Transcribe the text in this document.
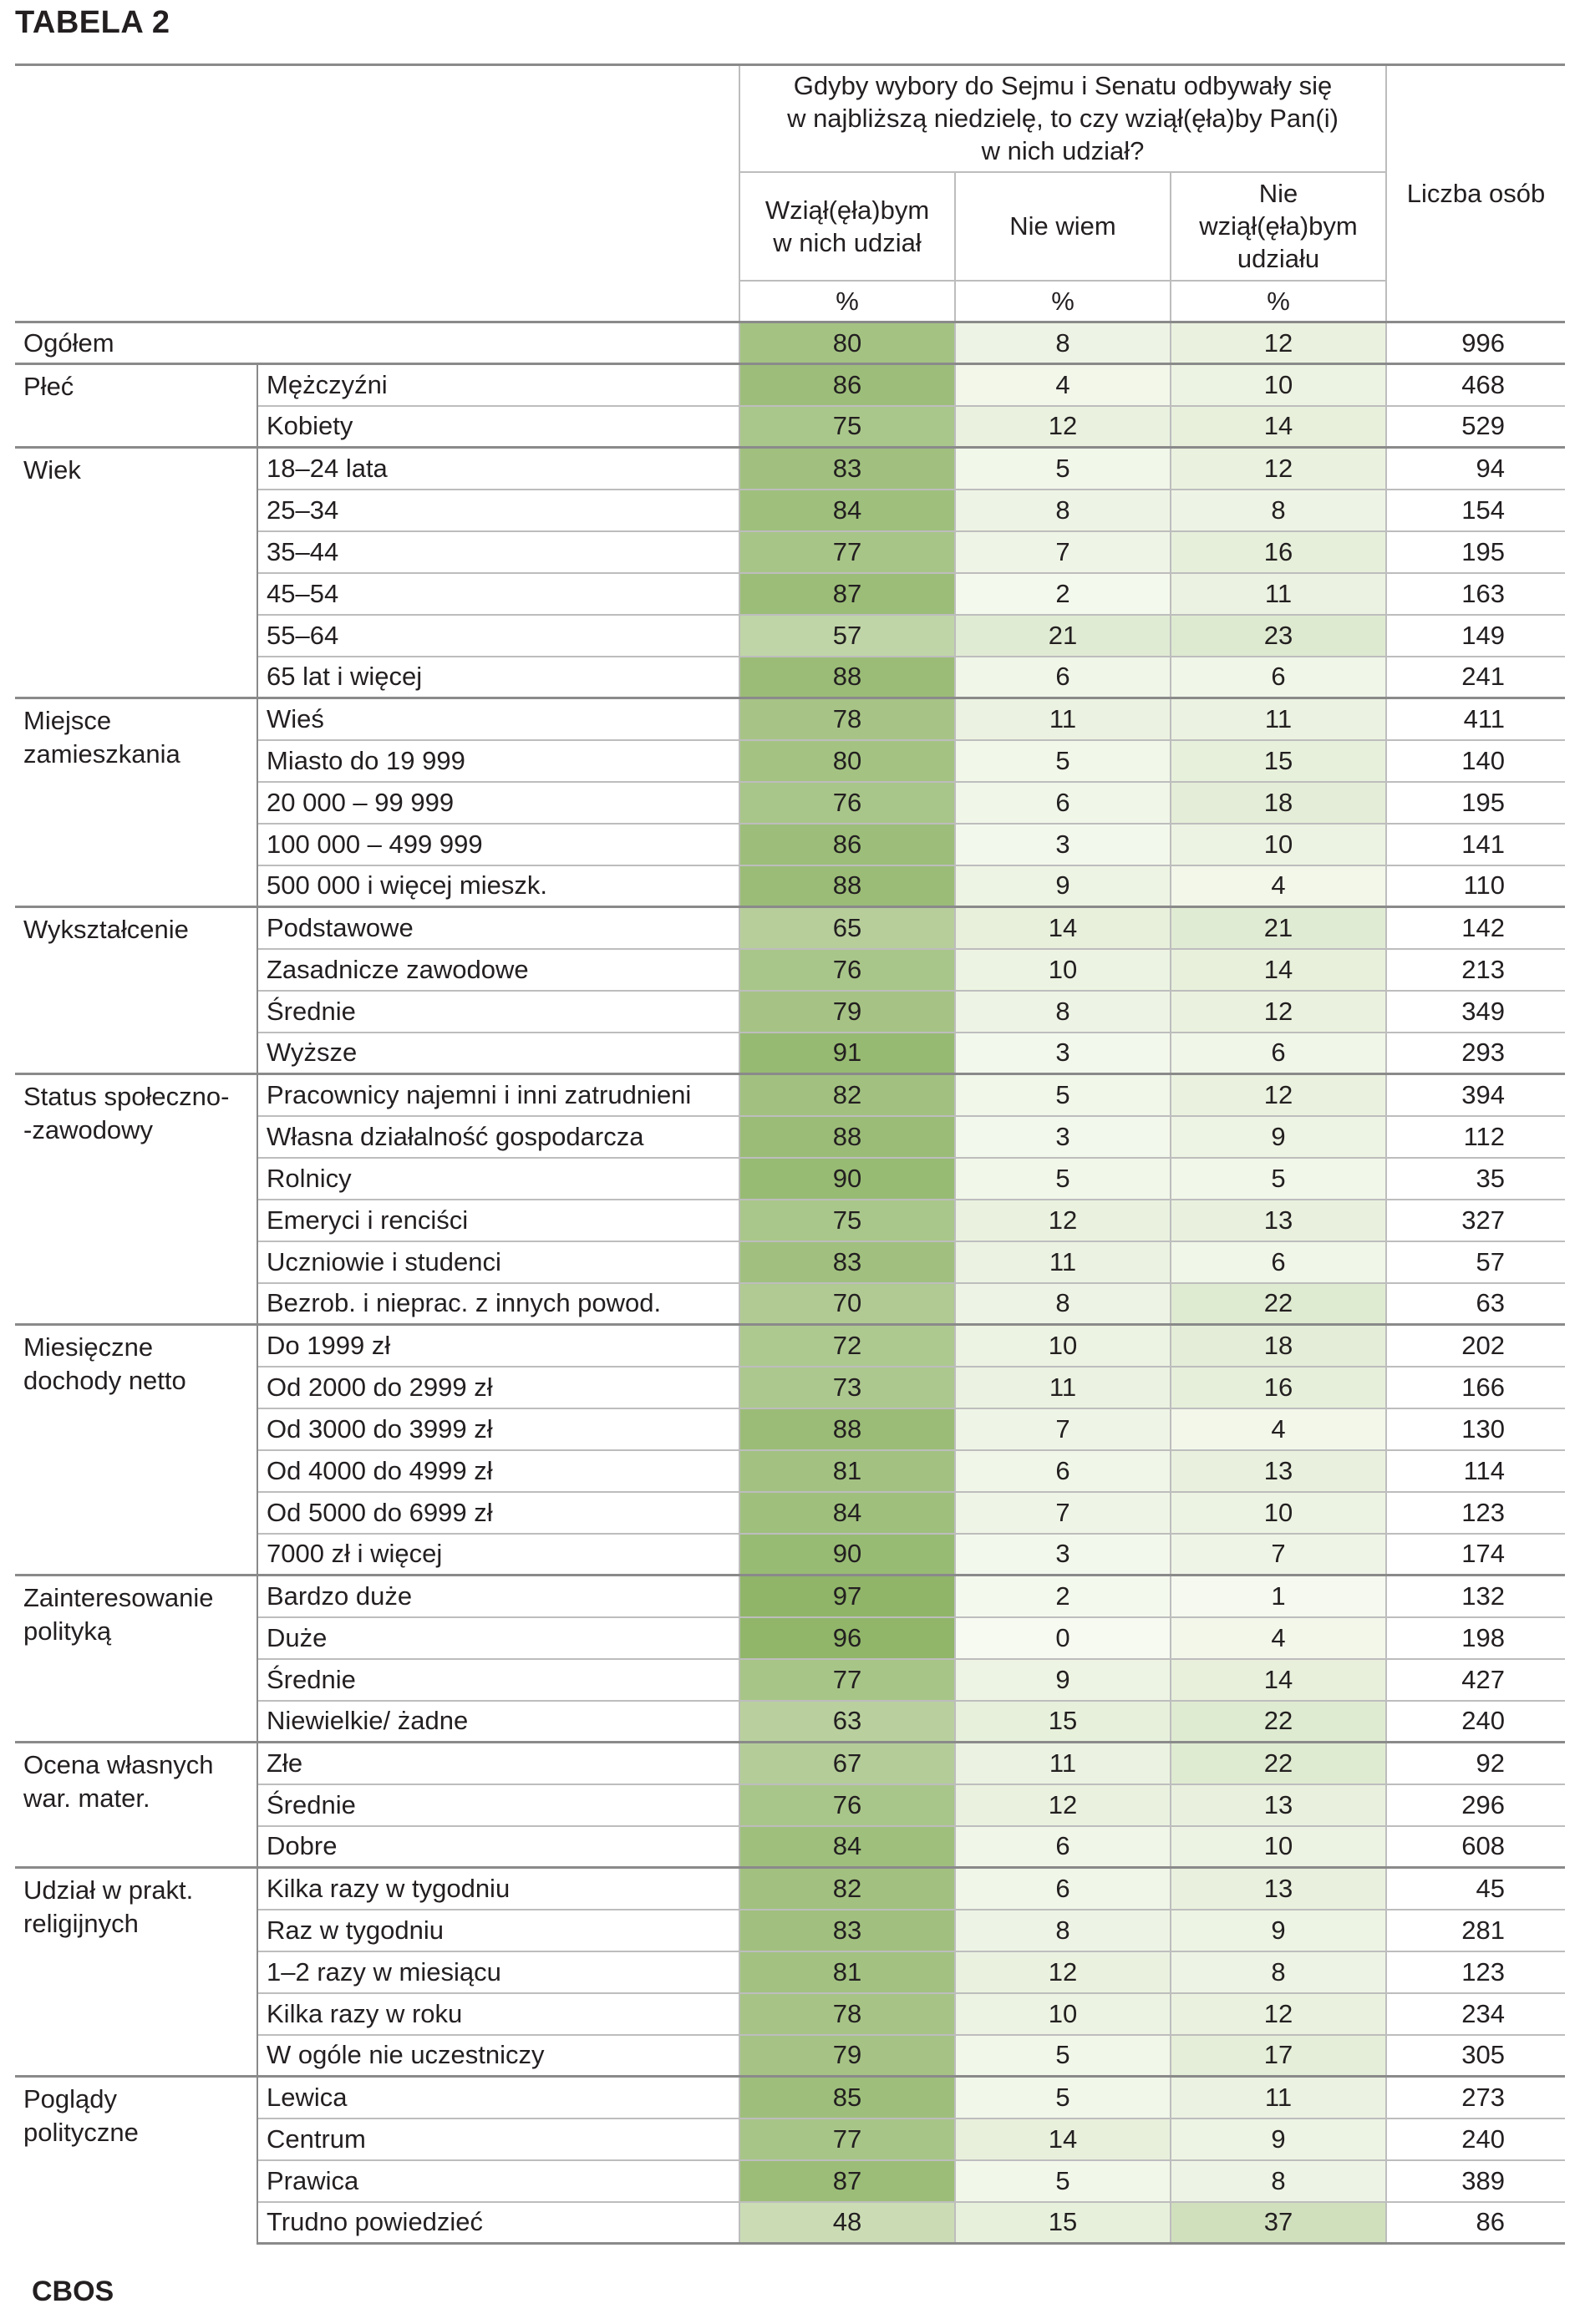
TABELA 2
		Gdyby wybory do Sejmu i Senatu odbywały się
w najbliższą niedzielę, to czy wziął(ęła)by Pan(i)
w nich udział?			Liczba osób
		Wziął(ęła)bym
w nich udział	Nie wiem	Nie
wziął(ęła)bym
udziału	
		%	%	%	
Ogółem		80	8	12	996
Płeć	Mężczyźni	86	4	10	468
	Kobiety	75	12	14	529
Wiek	18–24 lata	83	5	12	94
	25–34	84	8	8	154
	35–44	77	7	16	195
	45–54	87	2	11	163
	55–64	57	21	23	149
	65 lat i więcej	88	6	6	241
Miejsce
zamieszkania	Wieś	78	11	11	411
	Miasto do 19 999	80	5	15	140
	20 000 – 99 999	76	6	18	195
	100 000 – 499 999	86	3	10	141
	500 000 i więcej mieszk.	88	9	4	110
Wykształcenie	Podstawowe	65	14	21	142
	Zasadnicze zawodowe	76	10	14	213
	Średnie	79	8	12	349
	Wyższe	91	3	6	293
Status społeczno-
-zawodowy	Pracownicy najemni i inni zatrudnieni	82	5	12	394
	Własna działalność gospodarcza	88	3	9	112
	Rolnicy	90	5	5	35
	Emeryci i renciści	75	12	13	327
	Uczniowie i studenci	83	11	6	57
	Bezrob. i nieprac. z innych powod.	70	8	22	63
Miesięczne
dochody netto	Do 1999 zł	72	10	18	202
	Od 2000 do 2999 zł	73	11	16	166
	Od 3000 do 3999 zł	88	7	4	130
	Od 4000 do 4999 zł	81	6	13	114
	Od 5000 do 6999 zł	84	7	10	123
	7000 zł i więcej	90	3	7	174
Zainteresowanie
polityką	Bardzo duże	97	2	1	132
	Duże	96	0	4	198
	Średnie	77	9	14	427
	Niewielkie/ żadne	63	15	22	240
Ocena własnych
war. mater.	Złe	67	11	22	92
	Średnie	76	12	13	296
	Dobre	84	6	10	608
Udział w prakt.
religijnych	Kilka razy w tygodniu	82	6	13	45
	Raz w tygodniu	83	8	9	281
	1–2 razy w miesiącu	81	12	8	123
	Kilka razy w roku	78	10	12	234
	W ogóle nie uczestniczy	79	5	17	305
Poglądy
polityczne	Lewica	85	5	11	273
	Centrum	77	14	9	240
	Prawica	87	5	8	389
	Trudno powiedzieć	48	15	37	86
CBOS
